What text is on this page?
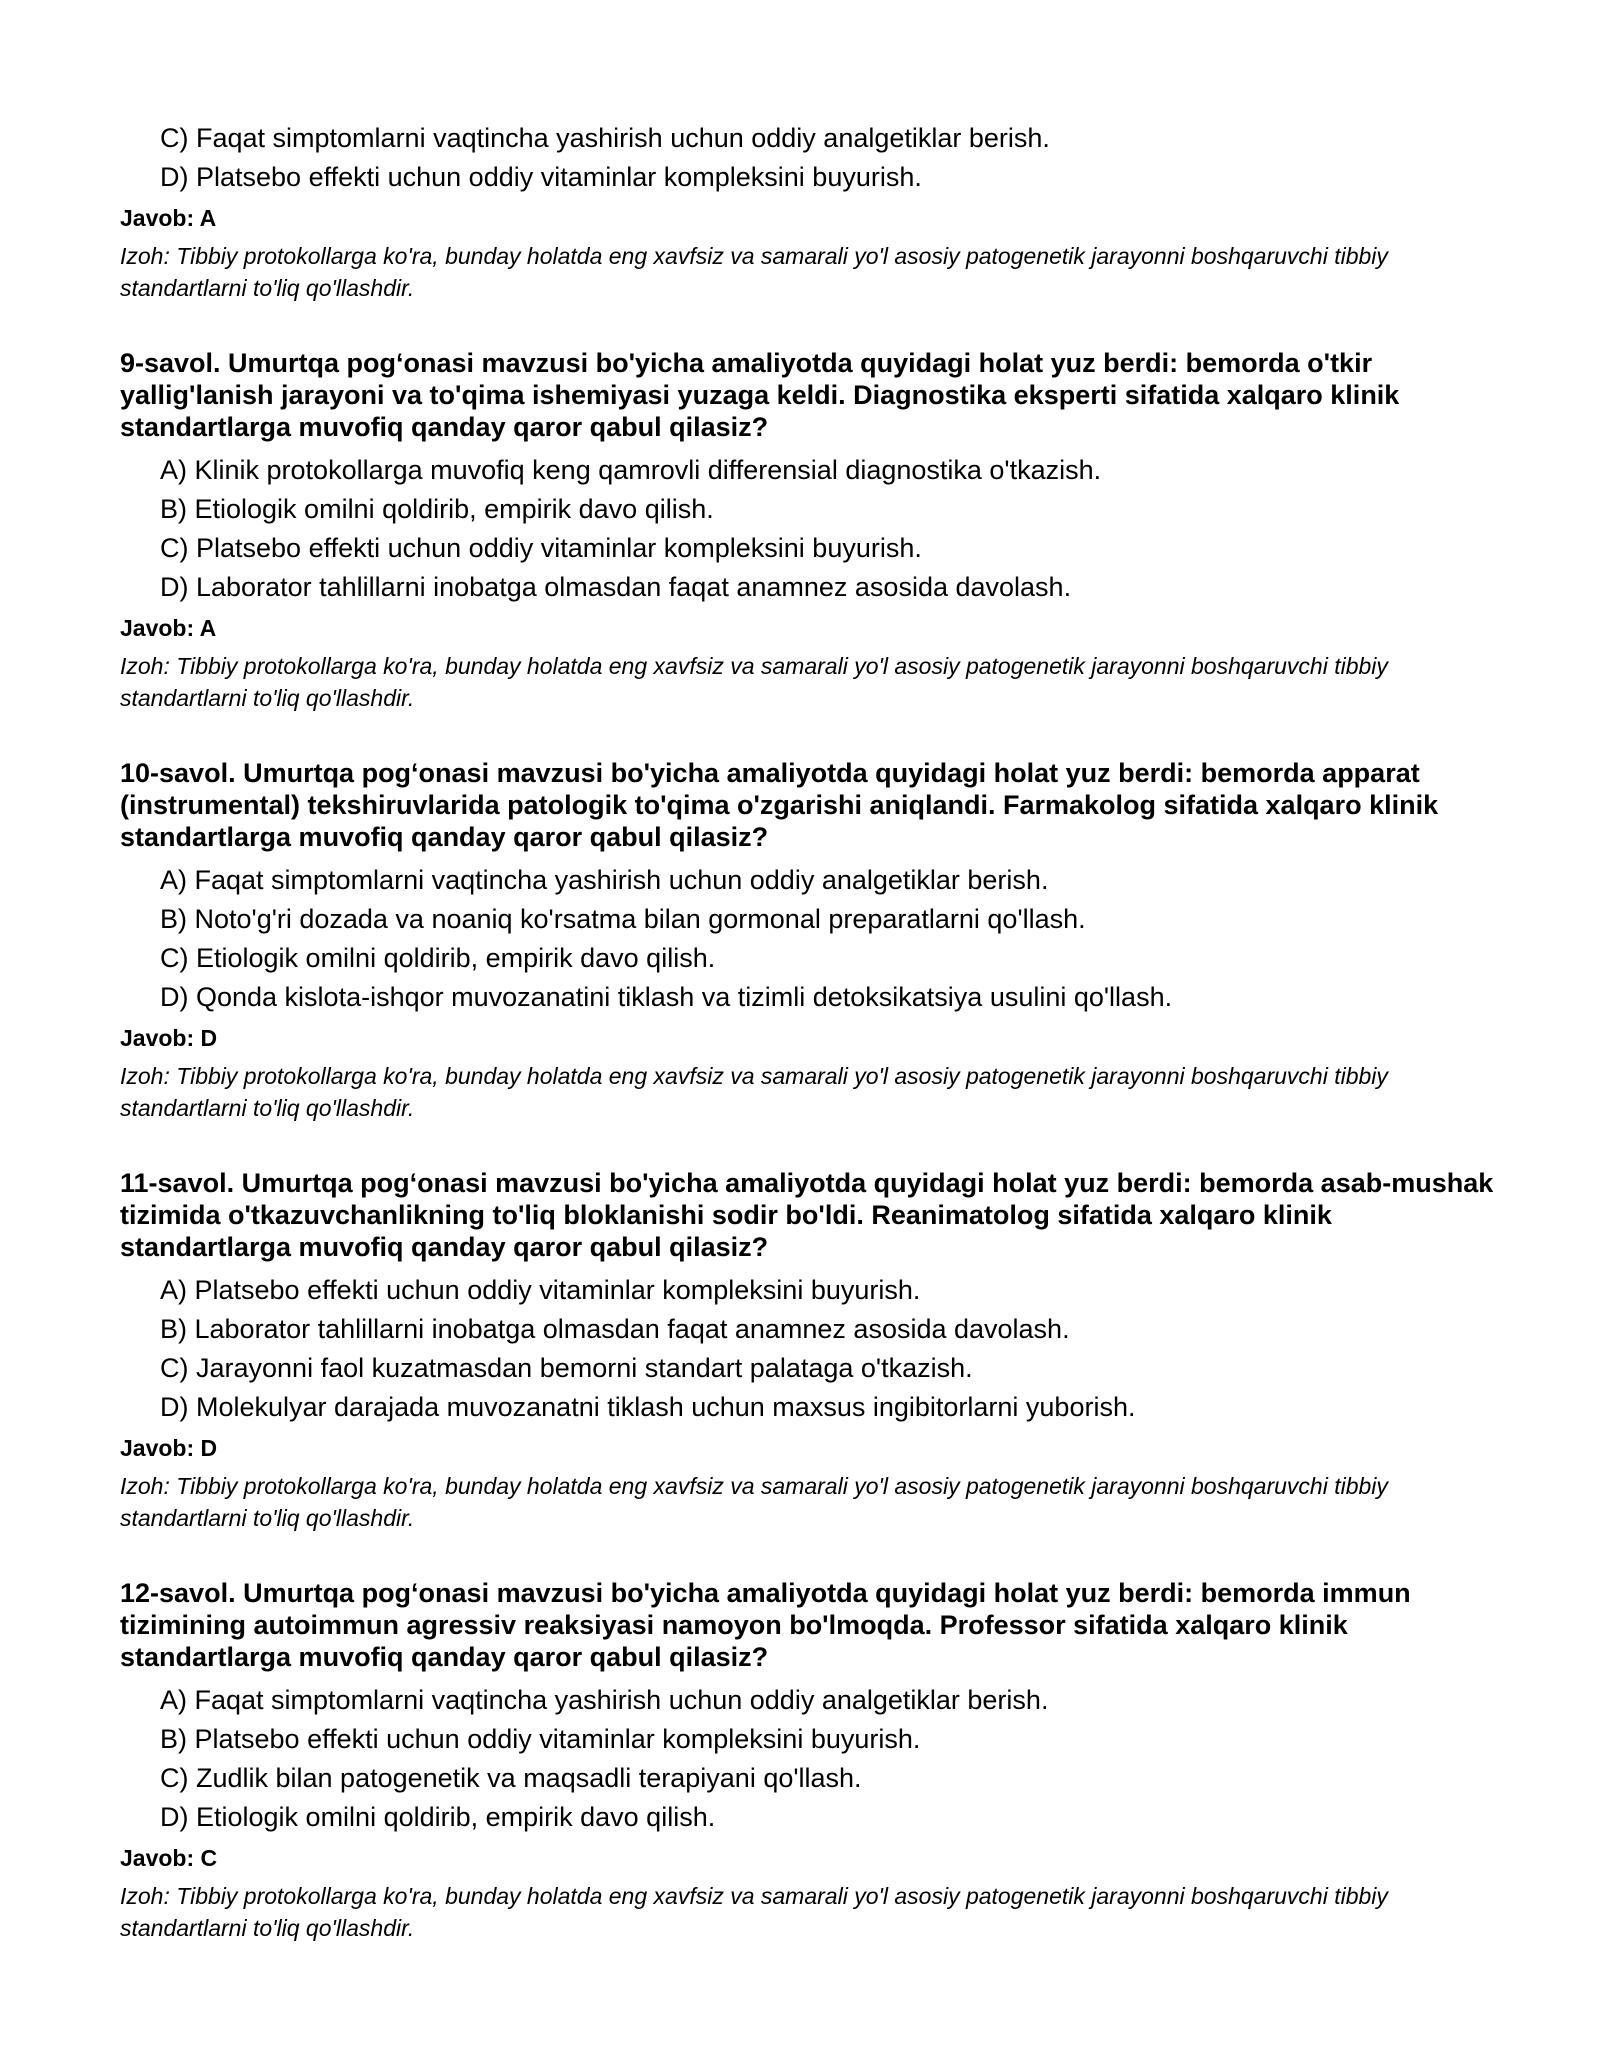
C) Faqat simptomlarni vaqtincha yashirish uchun oddiy analgetiklar berish.
D) Platsebo effekti uchun oddiy vitaminlar kompleksini buyurish.
Javob: A
Izoh: Tibbiy protokollarga ko'ra, bunday holatda eng xavfsiz va samarali yo'l asosiy patogenetik jarayonni boshqaruvchi tibbiy standartlarni to'liq qo'llashdir.
9-savol. Umurtqa pog‘onasi mavzusi bo'yicha amaliyotda quyidagi holat yuz berdi: bemorda o'tkir yallig'lanish jarayoni va to'qima ishemiyasi yuzaga keldi. Diagnostika eksperti sifatida xalqaro klinik standartlarga muvofiq qanday qaror qabul qilasiz?
A) Klinik protokollarga muvofiq keng qamrovli differensial diagnostika o'tkazish.
B) Etiologik omilni qoldirib, empirik davo qilish.
C) Platsebo effekti uchun oddiy vitaminlar kompleksini buyurish.
D) Laborator tahlillarni inobatga olmasdan faqat anamnez asosida davolash.
Javob: A
Izoh: Tibbiy protokollarga ko'ra, bunday holatda eng xavfsiz va samarali yo'l asosiy patogenetik jarayonni boshqaruvchi tibbiy standartlarni to'liq qo'llashdir.
10-savol. Umurtqa pog‘onasi mavzusi bo'yicha amaliyotda quyidagi holat yuz berdi: bemorda apparat (instrumental) tekshiruvlarida patologik to'qima o'zgarishi aniqlandi. Farmakolog sifatida xalqaro klinik standartlarga muvofiq qanday qaror qabul qilasiz?
A) Faqat simptomlarni vaqtincha yashirish uchun oddiy analgetiklar berish.
B) Noto'g'ri dozada va noaniq ko'rsatma bilan gormonal preparatlarni qo'llash.
C) Etiologik omilni qoldirib, empirik davo qilish.
D) Qonda kislota-ishqor muvozanatini tiklash va tizimli detoksikatsiya usulini qo'llash.
Javob: D
Izoh: Tibbiy protokollarga ko'ra, bunday holatda eng xavfsiz va samarali yo'l asosiy patogenetik jarayonni boshqaruvchi tibbiy standartlarni to'liq qo'llashdir.
11-savol. Umurtqa pog‘onasi mavzusi bo'yicha amaliyotda quyidagi holat yuz berdi: bemorda asab-mushak tizimida o'tkazuvchanlikning to'liq bloklanishi sodir bo'ldi. Reanimatolog sifatida xalqaro klinik standartlarga muvofiq qanday qaror qabul qilasiz?
A) Platsebo effekti uchun oddiy vitaminlar kompleksini buyurish.
B) Laborator tahlillarni inobatga olmasdan faqat anamnez asosida davolash.
C) Jarayonni faol kuzatmasdan bemorni standart palataga o'tkazish.
D) Molekulyar darajada muvozanatni tiklash uchun maxsus ingibitorlarni yuborish.
Javob: D
Izoh: Tibbiy protokollarga ko'ra, bunday holatda eng xavfsiz va samarali yo'l asosiy patogenetik jarayonni boshqaruvchi tibbiy standartlarni to'liq qo'llashdir.
12-savol. Umurtqa pog‘onasi mavzusi bo'yicha amaliyotda quyidagi holat yuz berdi: bemorda immun tizimining autoimmun agressiv reaksiyasi namoyon bo'lmoqda. Professor sifatida xalqaro klinik standartlarga muvofiq qanday qaror qabul qilasiz?
A) Faqat simptomlarni vaqtincha yashirish uchun oddiy analgetiklar berish.
B) Platsebo effekti uchun oddiy vitaminlar kompleksini buyurish.
C) Zudlik bilan patogenetik va maqsadli terapiyani qo'llash.
D) Etiologik omilni qoldirib, empirik davo qilish.
Javob: C
Izoh: Tibbiy protokollarga ko'ra, bunday holatda eng xavfsiz va samarali yo'l asosiy patogenetik jarayonni boshqaruvchi tibbiy standartlarni to'liq qo'llashdir.
